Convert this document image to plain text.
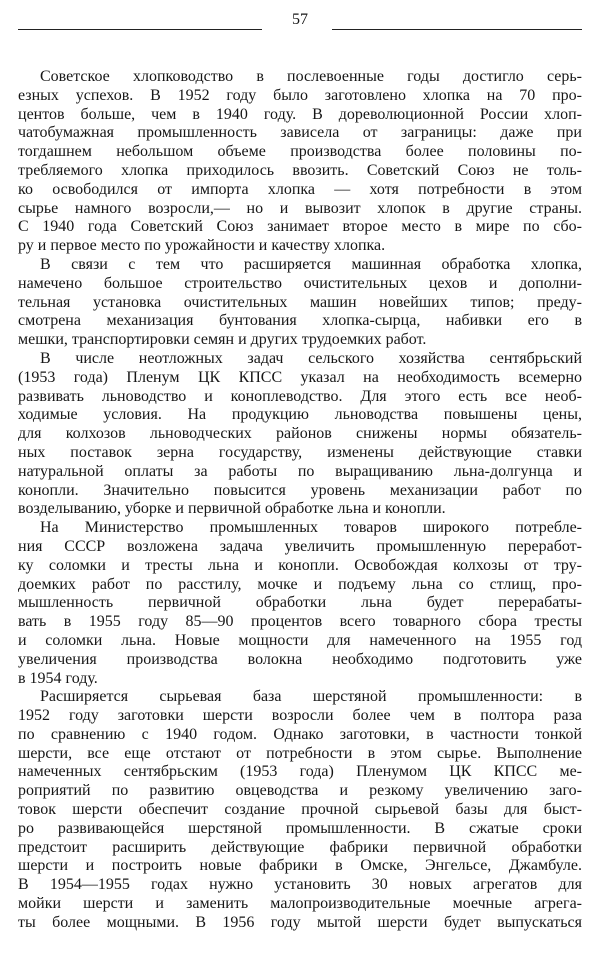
57
Советское хлопководство в послевоенные годы достигло серь-
езных успехов. В 1952 году было заготовлено хлопка на 70 про-
центов больше, чем в 1940 году. В дореволюционной России хлоп-
чатобумажная промышленность зависела от заграницы: даже при
тогдашнем небольшом объеме производства более половины по-
требляемого хлопка приходилось ввозить. Советский Союз не толь-
ко освободился от импорта хлопка — хотя потребности в этом
сырье намного возросли,— но и вывозит хлопок в другие страны.
С 1940 года Советский Союз занимает второе место в мире по сбо-
ру и первое место по урожайности и качеству хлопка.
В связи с тем что расширяется машинная обработка хлопка,
намечено большое строительство очистительных цехов и дополни-
тельная установка очистительных машин новейших типов; преду-
смотрена механизация бунтования хлопка-сырца, набивки его в
мешки, транспортировки семян и других трудоемких работ.
В числе неотложных задач сельского хозяйства сентябрьский
(1953 года) Пленум ЦК КПСС указал на необходимость всемерно
развивать льноводство и коноплеводство. Для этого есть все необ-
ходимые условия. На продукцию льноводства повышены цены,
для колхозов льноводческих районов снижены нормы обязатель-
ных поставок зерна государству, изменены действующие ставки
натуральной оплаты за работы по выращиванию льна-долгунца и
конопли. Значительно повысится уровень механизации работ по
возделыванию, уборке и первичной обработке льна и конопли.
На Министерство промышленных товаров широкого потребле-
ния СССР возложена задача увеличить промышленную переработ-
ку соломки и тресты льна и конопли. Освобождая колхозы от тру-
доемких работ по расстилу, мочке и подъему льна со стлищ, про-
мышленность первичной обработки льна будет перерабаты-
вать в 1955 году 85—90 процентов всего товарного сбора тресты
и соломки льна. Новые мощности для намеченного на 1955 год
увеличения производства волокна необходимо подготовить уже
в 1954 году.
Расширяется сырьевая база шерстяной промышленности: в
1952 году заготовки шерсти возросли более чем в полтора раза
по сравнению с 1940 годом. Однако заготовки, в частности тонкой
шерсти, все еще отстают от потребности в этом сырье. Выполнение
намеченных сентябрьским (1953 года) Пленумом ЦК КПСС ме-
роприятий по развитию овцеводства и резкому увеличению заго-
товок шерсти обеспечит создание прочной сырьевой базы для быст-
ро развивающейся шерстяной промышленности. В сжатые сроки
предстоит расширить действующие фабрики первичной обработки
шерсти и построить новые фабрики в Омске, Энгельсе, Джамбуле.
В 1954—1955 годах нужно установить 30 новых агрегатов для
мойки шерсти и заменить малопроизводительные моечные агрега-
ты более мощными. В 1956 году мытой шерсти будет выпускаться
